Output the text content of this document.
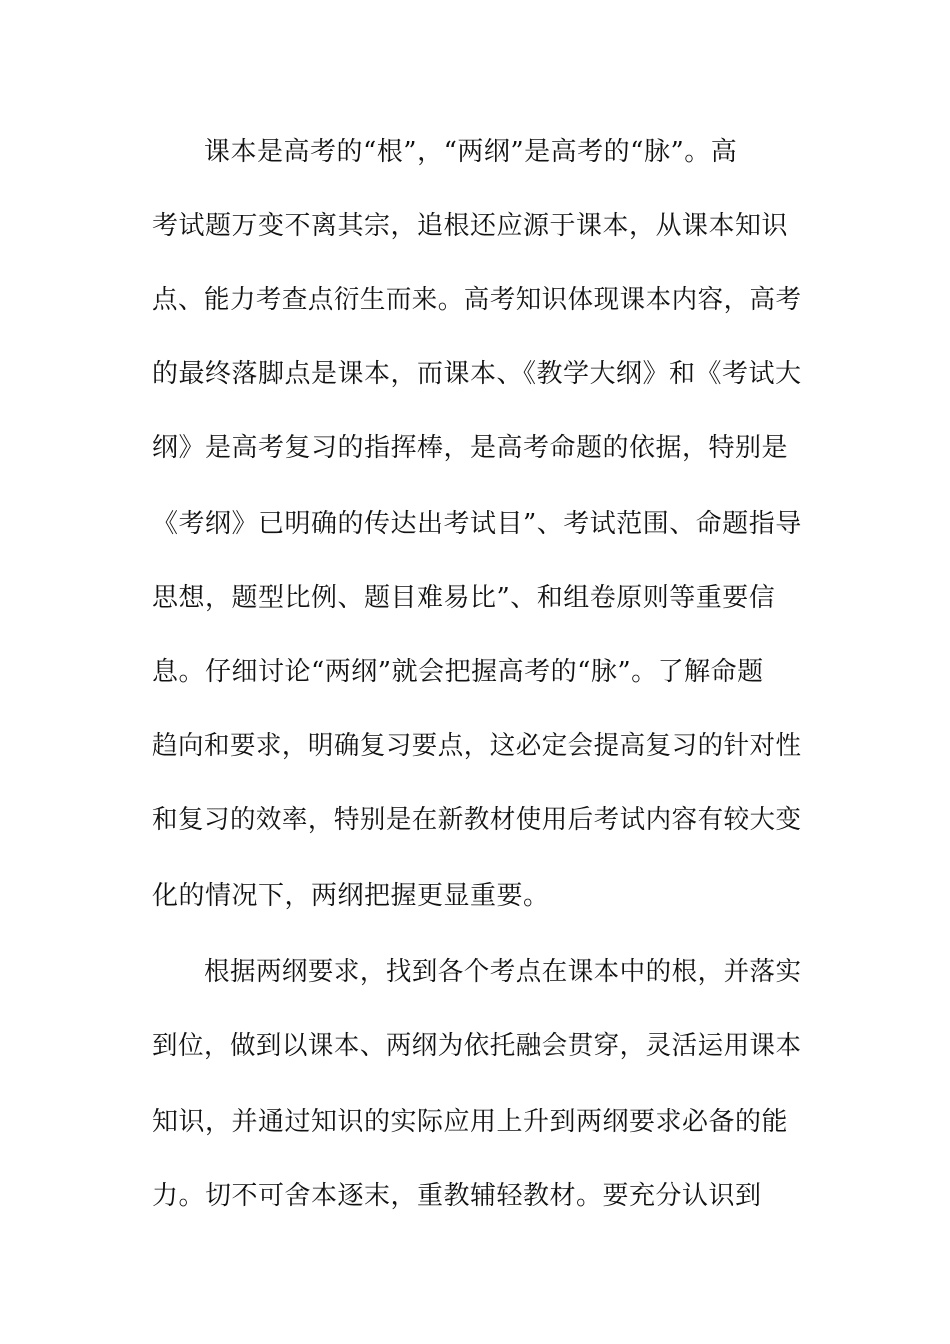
课本是高考的“根”，“两纲”是高考的“脉”。高
考试题万变不离其宗，追根还应源于课本，从课本知识
点、能力考查点衍生而来。高考知识体现课本内容，高考
的最终落脚点是课本，而课本、《教学大纲》和《考试大
纲》是高考复习的指挥棒，是高考命题的依据，特别是
《考纲》已明确的传达出考试目”、考试范围、命题指导
思想，题型比例、题目难易比”、和组卷原则等重要信
息。仔细讨论“两纲”就会把握高考的“脉”。了解命题
趋向和要求，明确复习要点，这必定会提高复习的针对性
和复习的效率，特别是在新教材使用后考试内容有较大变
化的情况下，两纲把握更显重要。
根据两纲要求，找到各个考点在课本中的根，并落实
到位，做到以课本、两纲为依托融会贯穿，灵活运用课本
知识，并通过知识的实际应用上升到两纲要求必备的能
力。切不可舍本逐末，重教辅轻教材。要充分认识到
